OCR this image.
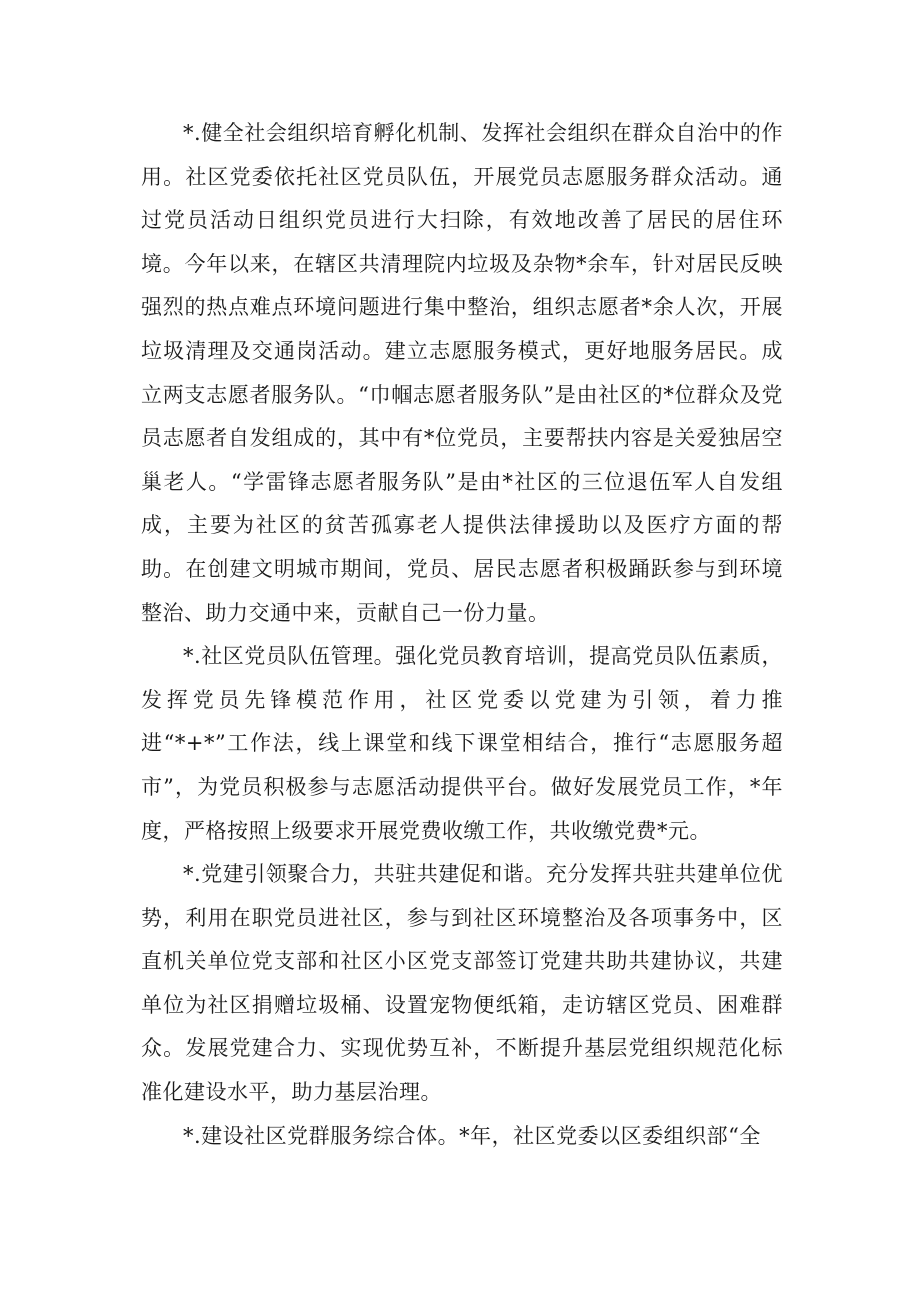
*.健全社会组织培育孵化机制、发挥社会组织在群众自治中的作用。社区党委依托社区党员队伍，开展党员志愿服务群众活动。通过党员活动日组织党员进行大扫除，有效地改善了居民的居住环境。今年以来，在辖区共清理院内垃圾及杂物*余车，针对居民反映强烈的热点难点环境问题进行集中整治，组织志愿者*余人次，开展垃圾清理及交通岗活动。建立志愿服务模式，更好地服务居民。成立两支志愿者服务队。“巾帼志愿者服务队”是由社区的*位群众及党员志愿者自发组成的，其中有*位党员，主要帮扶内容是关爱独居空巢老人。“学雷锋志愿者服务队”是由*社区的三位退伍军人自发组成，主要为社区的贫苦孤寡老人提供法律援助以及医疗方面的帮助。在创建文明城市期间，党员、居民志愿者积极踊跃参与到环境整治、助力交通中来，贡献自己一份力量。

*.社区党员队伍管理。强化党员教育培训，提高党员队伍素质，发挥党员先锋模范作用，社区党委以党建为引领，着力推进“*+*”工作法，线上课堂和线下课堂相结合，推行“志愿服务超市”，为党员积极参与志愿活动提供平台。做好发展党员工作，*年度，严格按照上级要求开展党费收缴工作，共收缴党费*元。

*.党建引领聚合力，共驻共建促和谐。充分发挥共驻共建单位优势，利用在职党员进社区，参与到社区环境整治及各项事务中，区直机关单位党支部和社区小区党支部签订党建共助共建协议，共建单位为社区捐赠垃圾桶、设置宠物便纸箱，走访辖区党员、困难群众。发展党建合力、实现优势互补，不断提升基层党组织规范化标准化建设水平，助力基层治理。

*.建设社区党群服务综合体。*年，社区党委以区委组织部“全
